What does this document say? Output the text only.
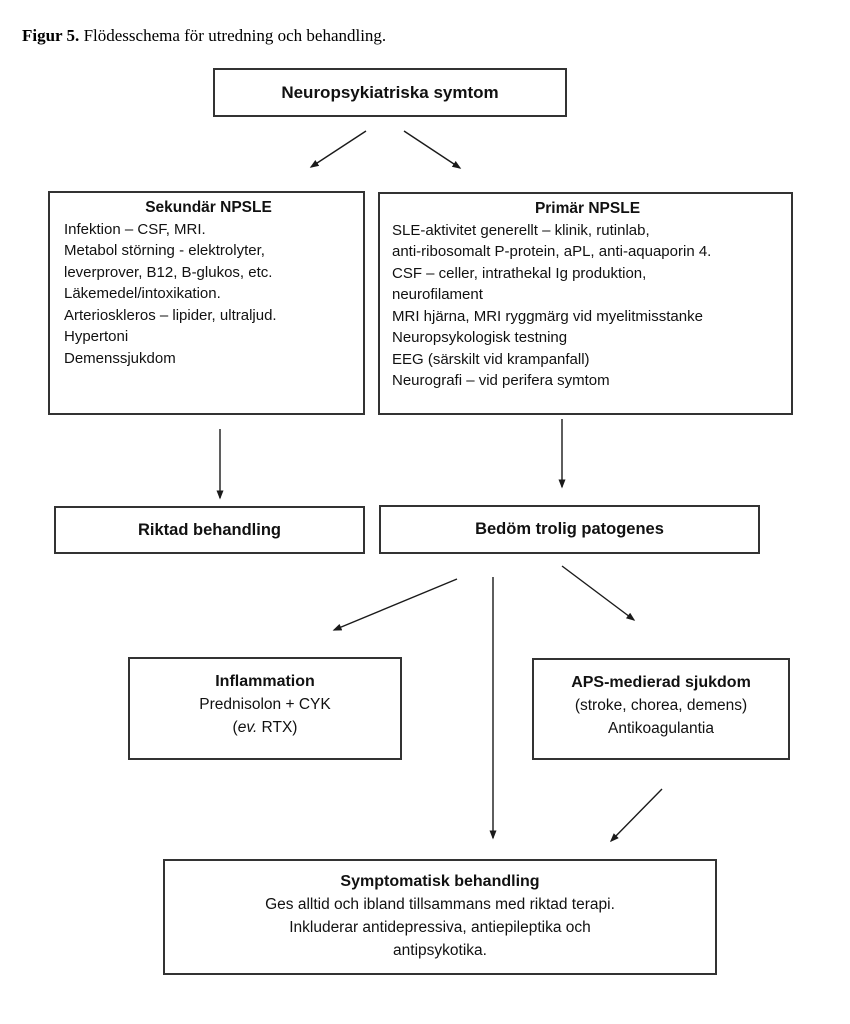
Figur 5. Flödesschema för utredning och behandling.
Neuropsykiatriska symtom
Sekundär NPSLE
Infektion – CSF, MRI.
Metabol störning - elektrolyter,
leverprover, B12, B-glukos, etc.
Läkemedel/intoxikation.
Arterioskleros – lipider, ultraljud.
Hypertoni
Demenssjukdom
Primär NPSLE
SLE-aktivitet generellt – klinik, rutinlab,
anti-ribosomalt P-protein, aPL, anti-aquaporin 4.
CSF – celler, intrathekal Ig produktion,
neurofilament
MRI hjärna, MRI ryggmärg vid myelitmisstanke
Neuropsykologisk testning
EEG (särskilt vid krampanfall)
Neurografi – vid perifera symtom
Riktad behandling	Bedöm trolig patogenes
Inflammation
Prednisolon + CYK
(ev. RTX)
APS-medierad sjukdom
(stroke, chorea, demens)
Antikoagulantia
Symptomatisk behandling
Ges alltid och ibland tillsammans med riktad terapi.
Inkluderar antidepressiva, antiepileptika och
antipsykotika.
